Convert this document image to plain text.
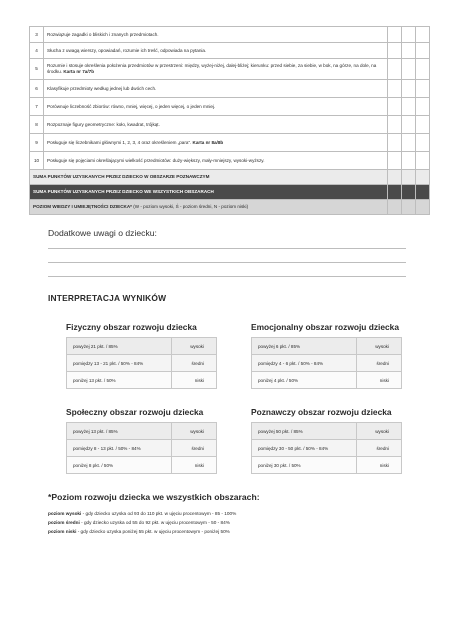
3	Rozwiązuje zagadki o bliskich i znanych przedmiotach.			
4	Słucha z uwagą wierszy, opowiadań, rozumie ich treść, odpowiada na pytania.			
5	Rozumie i stosuje określenia położenia przedmiotów w przestrzeni: między, wyżej-niżej, dalej-bliżej; kierunku: przed siebie, za siebie, w bok, na górze, na dole, na środku. Karta nr 7a/7b			
6	Klasyfikuje przedmioty według jednej lub dwóch cech.			
7	Porównuje liczebność zbiorów: równo, mniej, więcej, o jeden więcej, o jeden mniej.			
8	Rozpoznaje figury geometryczne: koło, kwadrat, trójkąt.			
9	Posługuje się liczebnikami głównymi 1, 2, 3, 4 oraz określeniem „para”. Karta nr 8a/8b			
10	Posługuje się pojęciami określającymi wielkość przedmiotów: duży-większy, mały-mniejszy, wysoki-wyższy.			
SUMA PUNKTÓW UZYSKANYCH PRZEZ DZIECKO W OBSZARZE POZNAWCZYM				
SUMA PUNKTÓW UZYSKANYCH PRZEZ DZIECKO WE WSZYSTKICH OBSZARACH				
POZIOM WIEDZY I UMIEJĘTNOŚCI DZIECKA* (W - poziom wysoki, Ś - poziom średni, N - poziom niski)				
Dodatkowe uwagi o dziecku:
INTERPRETACJA WYNIKÓW
Fizyczny obszar rozwoju dziecka
powyżej 21 pkt. / 85%	wysoki
pomiędzy 13 - 21 pkt. / 50% - 84%	średni
poniżej 13 pkt. / 50%	niski
Emocjonalny obszar rozwoju dziecka
powyżej 6 pkt. / 85%	wysoki
pomiędzy 4 - 6 pkt. / 50% - 84%	średni
poniżej 4 pkt. / 50%	niski
Społeczny obszar rozwoju dziecka
powyżej 13 pkt. / 85%	wysoki
pomiędzy 8 - 13 pkt. / 50% - 84%	średni
poniżej 8 pkt. / 50%	niski
Poznawczy obszar rozwoju dziecka
powyżej 50 pkt. / 85%	wysoki
pomiędzy 30 - 50 pkt. / 50% - 84%	średni
poniżej 30 pkt. / 50%	niski
*Poziom rozwoju dziecka we wszystkich obszarach:
poziom wysoki - gdy dziecko uzyska od 93 do 110 pkt. w ujęciu procentowym - 85 - 100%
poziom średni - gdy dziecko uzyska od 55 do 92 pkt. w ujęciu procentowym - 50 - 84%
poziom niski - gdy dziecko uzyska poniżej 55 pkt. w ujęciu procentowym - poniżej 50%
